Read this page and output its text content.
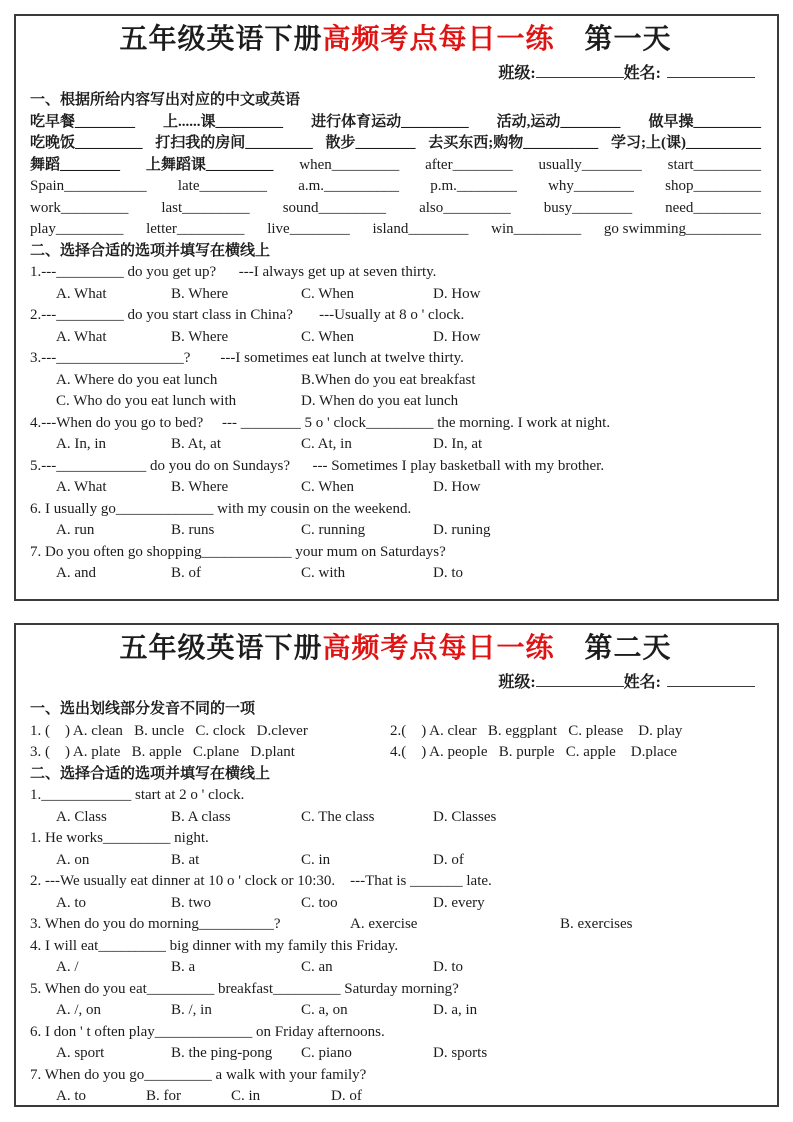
五年级英语下册高频考点每日一练 第一天
班级:	姓名:
一、根据所给内容写出对应的中文或英语
吃早餐________ 上......课_________ 进行体育运动_________ 活动,运动________ 做早操_________
吃晚饭_________ 打扫我的房间_________ 散步________ 去买东西;购物__________ 学习;上(课)__________
舞蹈________ 上舞蹈课_________ when_________ after________ usually________ start_________
Spain___________ late_________ a.m.__________ p.m.________ why________ shop_________
work_________ last_________ sound_________ also_________ busy________ need_________
play_________ letter_________ live________ island________ win_________ go swimming__________
二、选择合适的选项并填写在横线上
1.---_________ do you get up?      ---I always get up at seven thirty.
A. What	B. Where	C. When	D. How
2.---_________ do you start class in China?       ---Usually at 8 o ' clock.
A. What	B. Where	C. When	D. How
3.---_________________?        ---I sometimes eat lunch at twelve thirty.
A. Where do you eat lunch	B.When do you eat breakfast
C. Who do you eat lunch with	D. When do you eat lunch
4.---When do you go to bed?     --- ________ 5 o ' clock_________ the morning. I work at night.
A. In, in	B. At, at	C. At, in	D. In, at
5.---____________ do you do on Sundays?      --- Sometimes I play basketball with my brother.
A. What	B. Where	C. When	D. How
6. I usually go_____________ with my cousin on the weekend.
A. run	B. runs	C. running	D. runing
7. Do you often go shopping____________ your mum on Saturdays?
A. and	B. of	C. with	D. to
五年级英语下册高频考点每日一练 第二天
班级:	姓名:
一、选出划线部分发音不同的一项
1. (    ) A. clean   B. uncle   C. clock   D.clever	2.(    ) A. clear   B. eggplant   C. please    D. play
3. (    ) A. plate   B. apple   C.plane   D.plant	4.(    ) A. people   B. purple   C. apple    D.place
二、选择合适的选项并填写在横线上
1.____________ start at 2 o ' clock.
A. Class	B. A class	C. The class	D. Classes
1. He works_________ night.
A. on	B. at	C. in	D. of
2. ---We usually eat dinner at 10 o ' clock or 10:30.    ---That is _______ late.
A. to	B. two	C. too	D. every
3. When do you do morning__________?	A. exercise	B. exercises
4. I will eat_________ big dinner with my family this Friday.
A. /	B. a	C. an	D. to
5. When do you eat_________ breakfast_________ Saturday morning?
A. /, on	B. /, in	C. a, on	D. a, in
6. I don ' t often play_____________ on Friday afternoons.
A. sport	B. the ping-pong	C. piano	D. sports
7. When do you go_________ a walk with your family?
A. to	B. for	C. in	D. of
